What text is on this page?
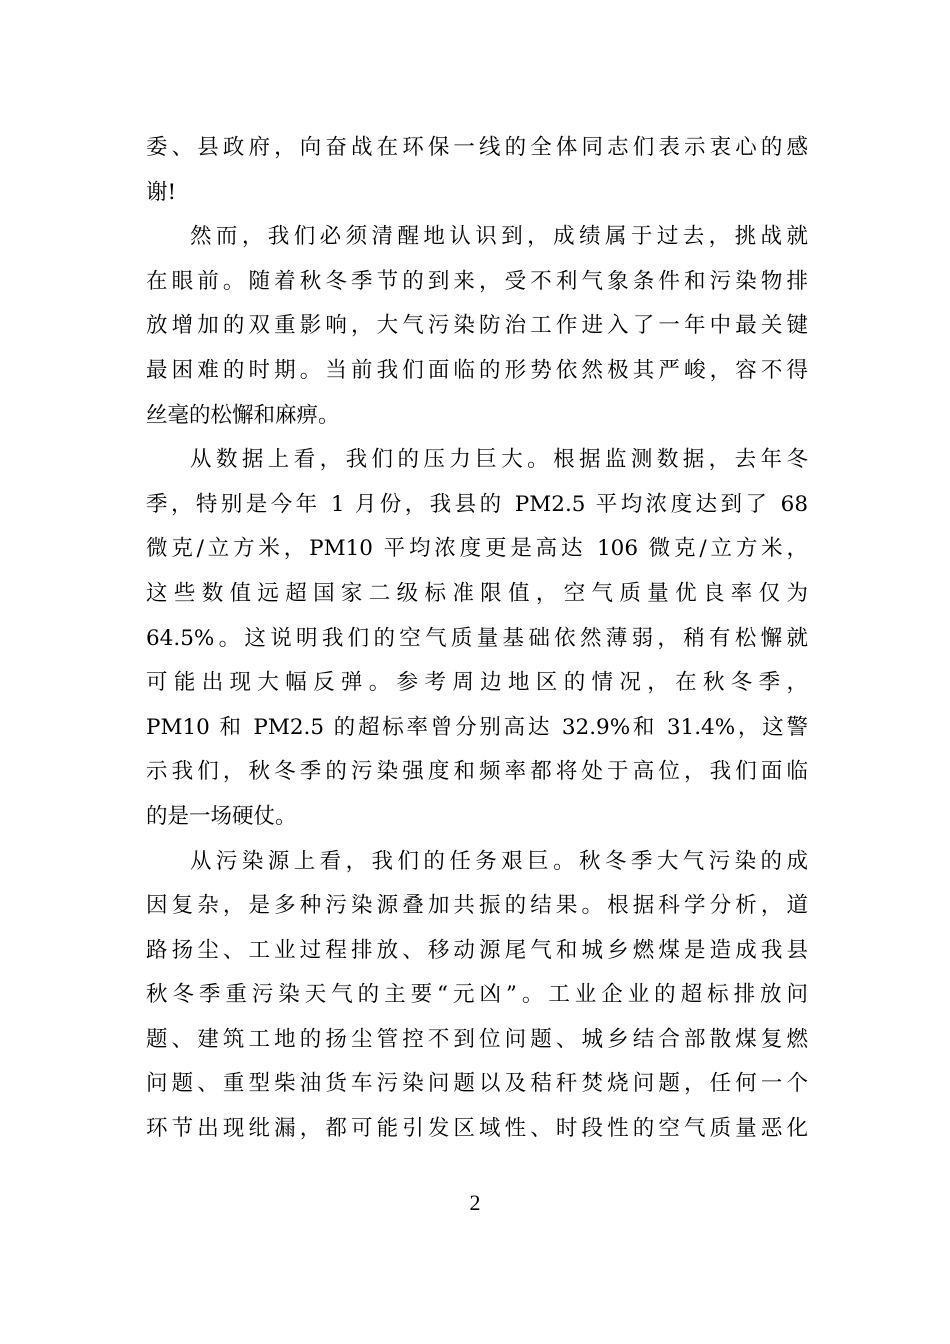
委、县政府，向奋战在环保一线的全体同志们表示衷心的感
谢!
然而，我们必须清醒地认识到，成绩属于过去，挑战就
在眼前。随着秋冬季节的到来，受不利气象条件和污染物排
放增加的双重影响，大气污染防治工作进入了一年中最关键
最困难的时期。当前我们面临的形势依然极其严峻，容不得
丝毫的松懈和麻痹。
从数据上看，我们的压力巨大。根据监测数据，去年冬
季，特别是今年 1 月份，我县的 PM2.5 平均浓度达到了 68
微克/立方米，PM10 平均浓度更是高达 106 微克/立方米，
这些数值远超国家二级标准限值，空气质量优良率仅为
64.5%。这说明我们的空气质量基础依然薄弱，稍有松懈就
可能出现大幅反弹。参考周边地区的情况，在秋冬季，
PM10 和 PM2.5 的超标率曾分别高达 32.9%和 31.4%，这警
示我们，秋冬季的污染强度和频率都将处于高位，我们面临
的是一场硬仗。
从污染源上看，我们的任务艰巨。秋冬季大气污染的成
因复杂，是多种污染源叠加共振的结果。根据科学分析，道
路扬尘、工业过程排放、移动源尾气和城乡燃煤是造成我县
秋冬季重污染天气的主要“元凶”。工业企业的超标排放问
题、建筑工地的扬尘管控不到位问题、城乡结合部散煤复燃
问题、重型柴油货车污染问题以及秸秆焚烧问题，任何一个
环节出现纰漏，都可能引发区域性、时段性的空气质量恶化
2
